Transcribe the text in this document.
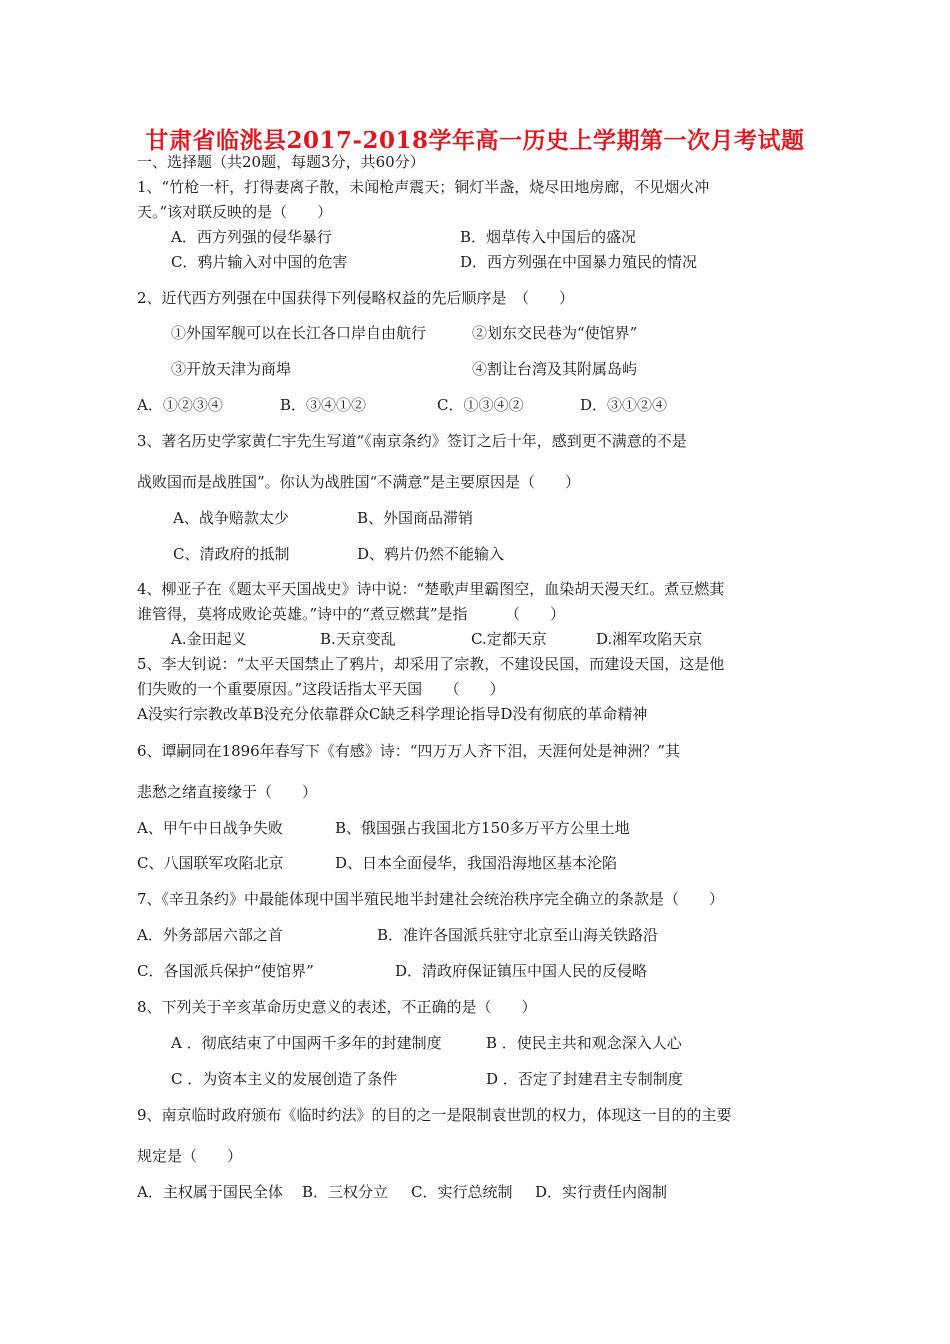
甘肃省临洮县2017-2018学年高一历史上学期第一次月考试题
一、选择题（共20题，每题3分，共60分）
1、“竹枪一杆，打得妻离子散，未闻枪声震天；铜灯半盏，烧尽田地房廊，不见烟火冲
天。”该对联反映的是（　　）
A．西方列强的侵华暴行	B．烟草传入中国后的盛况
C．鸦片输入对中国的危害	D．西方列强在中国暴力殖民的情况
2、近代西方列强在中国获得下列侵略权益的先后顺序是　（　　）
①外国军舰可以在长江各口岸自由航行	②划东交民巷为“使馆界”
③开放天津为商埠	④割让台湾及其附属岛屿
A．①②③④	B．③④①②	C．①③④②	D．③①②④
3、著名历史学家黄仁宇先生写道“《南京条约》签订之后十年，感到更不满意的不是
战败国而是战胜国”。你认为战胜国“不满意”是主要原因是（　　）
A、战争赔款太少	B、外国商品滞销
C、清政府的抵制	D、鸦片仍然不能输入
4、柳亚子在《题太平天国战史》诗中说：“楚歌声里霸图空，血染胡天漫天红。煮豆燃萁
谁管得，莫将成败论英雄。”诗中的“煮豆燃萁”是指　　　（　　）
A.金田起义	B.天京变乱	C.定都天京	D.湘军攻陷天京
5、李大钊说：“太平天国禁止了鸦片，却采用了宗教，不建设民国，而建设天国，这是他
们失败的一个重要原因。”这段话指太平天国　　（　　）
A没实行宗教改革B没充分依靠群众C缺乏科学理论指导D没有彻底的革命精神
6、谭嗣同在1896年春写下《有感》诗：“四万万人齐下泪，天涯何处是神洲？”其
悲愁之绪直接缘于（　　）
A、甲午中日战争失败	B、俄国强占我国北方150多万平方公里土地
C、八国联军攻陷北京	D、日本全面侵华，我国沿海地区基本沦陷
7、《辛丑条约》中最能体现中国半殖民地半封建社会统治秩序完全确立的条款是（　　）
A．外务部居六部之首	B．准许各国派兵驻守北京至山海关铁路沿
C．各国派兵保护“使馆界”	D．清政府保证镇压中国人民的反侵略
8、下列关于辛亥革命历史意义的表述，不正确的是（　　）
A ．彻底结束了中国两千多年的封建制度	B ．使民主共和观念深入人心
C ．为资本主义的发展创造了条件	D ．否定了封建君主专制制度
9、南京临时政府颁布《临时约法》的目的之一是限制袁世凯的权力，体现这一目的的主要
规定是（　　）
A．主权属于国民全体 B．三权分立 C．实行总统制 D．实行责任内阁制
